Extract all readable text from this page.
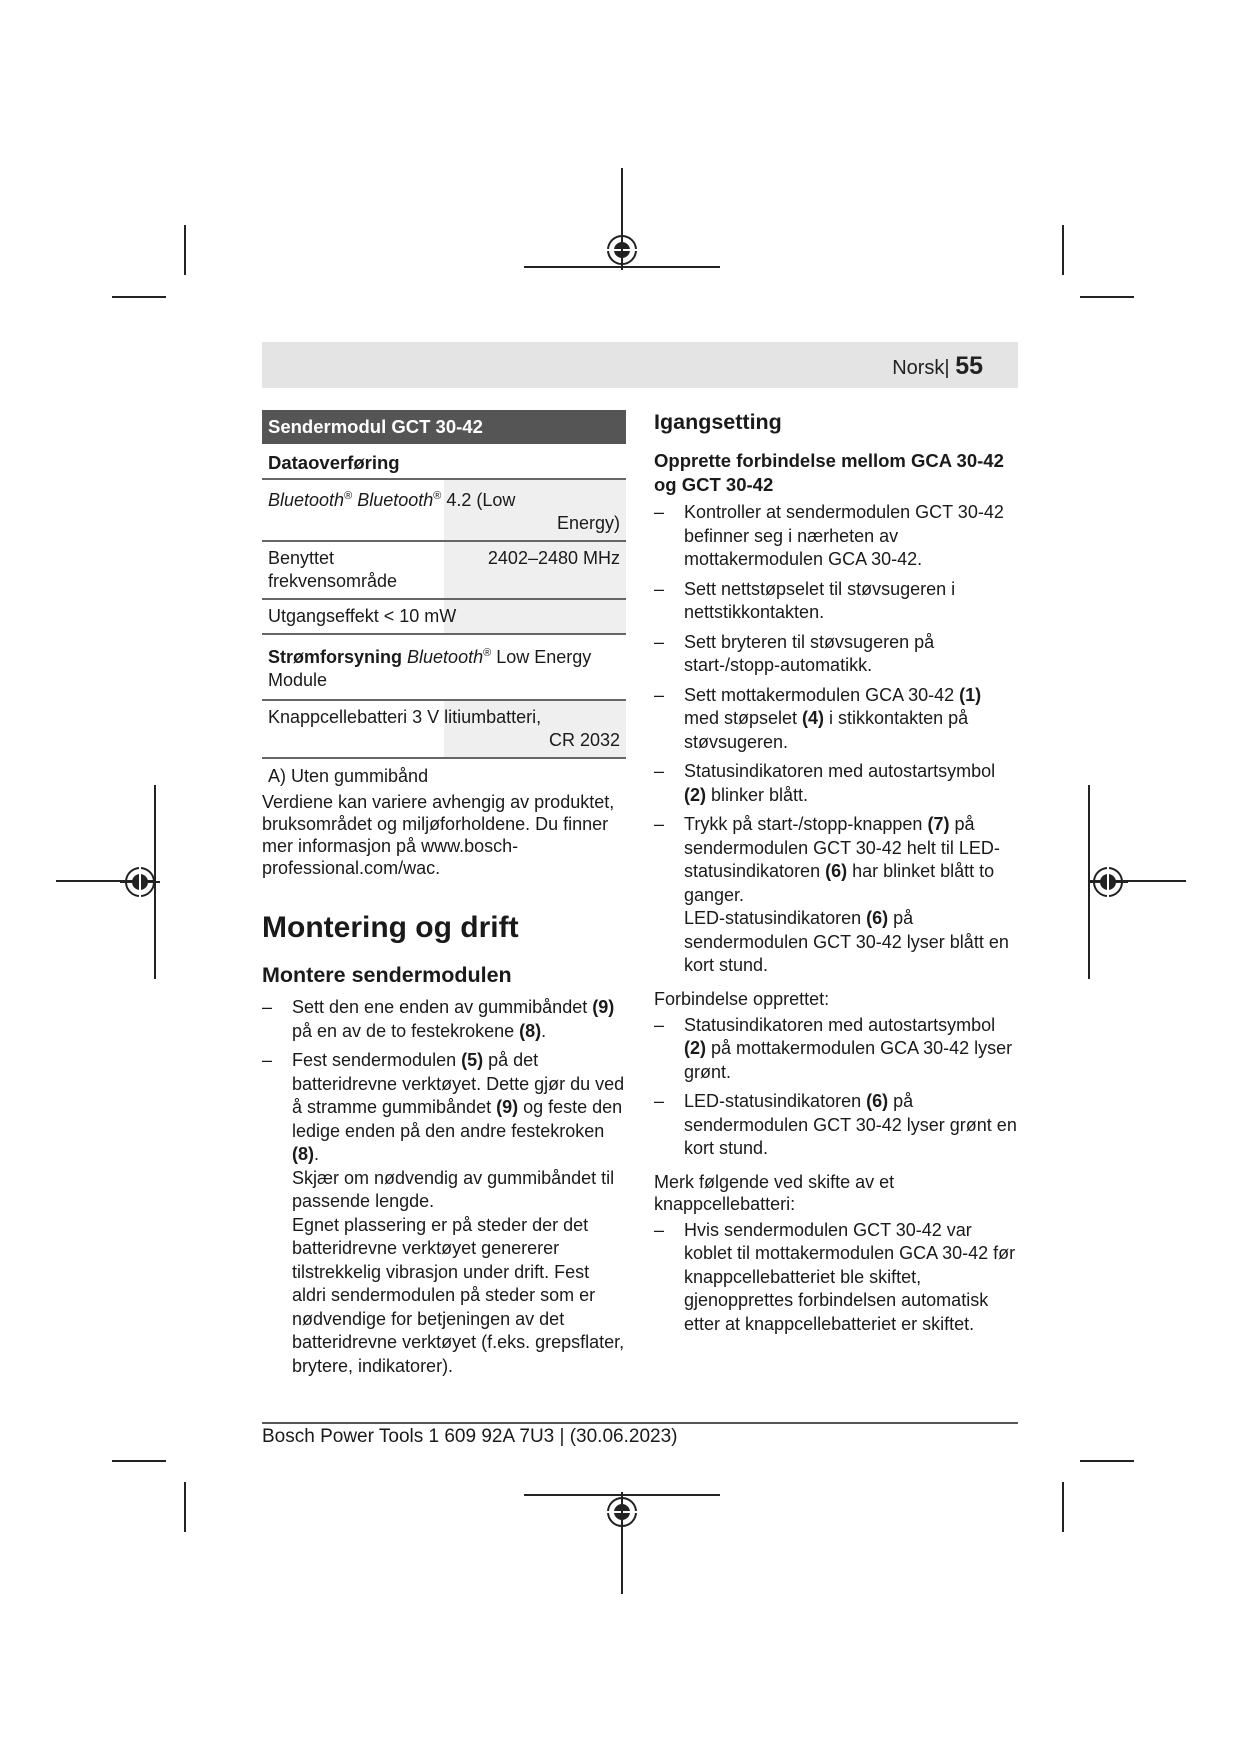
Norsk| 55
Sendermodul GCT 30-42
Dataoverføring
Bluetooth® Bluetooth® 4.2 (Low
Energy)
Benyttet frekvensområde2402–2480 MHz
Utgangseffekt < 10 mW
Strømforsyning Bluetooth® Low Energy Module
Knappcellebatteri 3 V litiumbatteri,
CR 2032
A) Uten gummibånd

Verdiene kan variere avhengig av produktet, bruksområdet og miljøforholdene. Du finner mer informasjon på www.bosch-professional.com/wac.

Montering og drift
Montere sendermodulen
– Sett den ene enden av gummibåndet (9) på en av de to festekrokene (8).
– Fest sendermodulen (5) på det batteridrevne verktøyet. Dette gjør du ved å stramme gummibåndet (9) og feste den ledige enden på den andre festekroken (8).
Skjær om nødvendig av gummibåndet til passende lengde.
Egnet plassering er på steder der det batteridrevne verktøyet genererer tilstrekkelig vibrasjon under drift. Fest aldri sendermodulen på steder som er nødvendige for betjeningen av det batteridrevne verktøyet (f.eks. grepsflater, brytere, indikatorer).
Igangsetting
Opprette forbindelse mellom GCA 30-42 og GCT 30-42
– Kontroller at sendermodulen GCT 30-42 befinner seg i nærheten av mottakermodulen GCA 30-42.
– Sett nettstøpselet til støvsugeren i nettstikkontakten.
– Sett bryteren til støvsugeren på start-/stopp-automatikk.
– Sett mottakermodulen GCA 30-42 (1) med støpselet (4) i stikkontakten på støvsugeren.
– Statusindikatoren med autostartsymbol (2) blinker blått.
– Trykk på start-/stopp-knappen (7) på sendermodulen GCT 30-42 helt til LED-statusindikatoren (6) har blinket blått to ganger.
LED-statusindikatoren (6) på sendermodulen GCT 30-42 lyser blått en kort stund.

Forbindelse opprettet:

– Statusindikatoren med autostartsymbol (2) på mottakermodulen GCA 30-42 lyser grønt.
– LED-statusindikatoren (6) på sendermodulen GCT 30-42 lyser grønt en kort stund.

Merk følgende ved skifte av et knappcellebatteri:

– Hvis sendermodulen GCT 30-42 var koblet til mottakermodulen GCA 30-42 før knappcellebatteriet ble skiftet, gjenopprettes forbindelsen automatisk etter at knappcellebatteriet er skiftet.
Bosch Power Tools 1 609 92A 7U3 | (30.06.2023)
